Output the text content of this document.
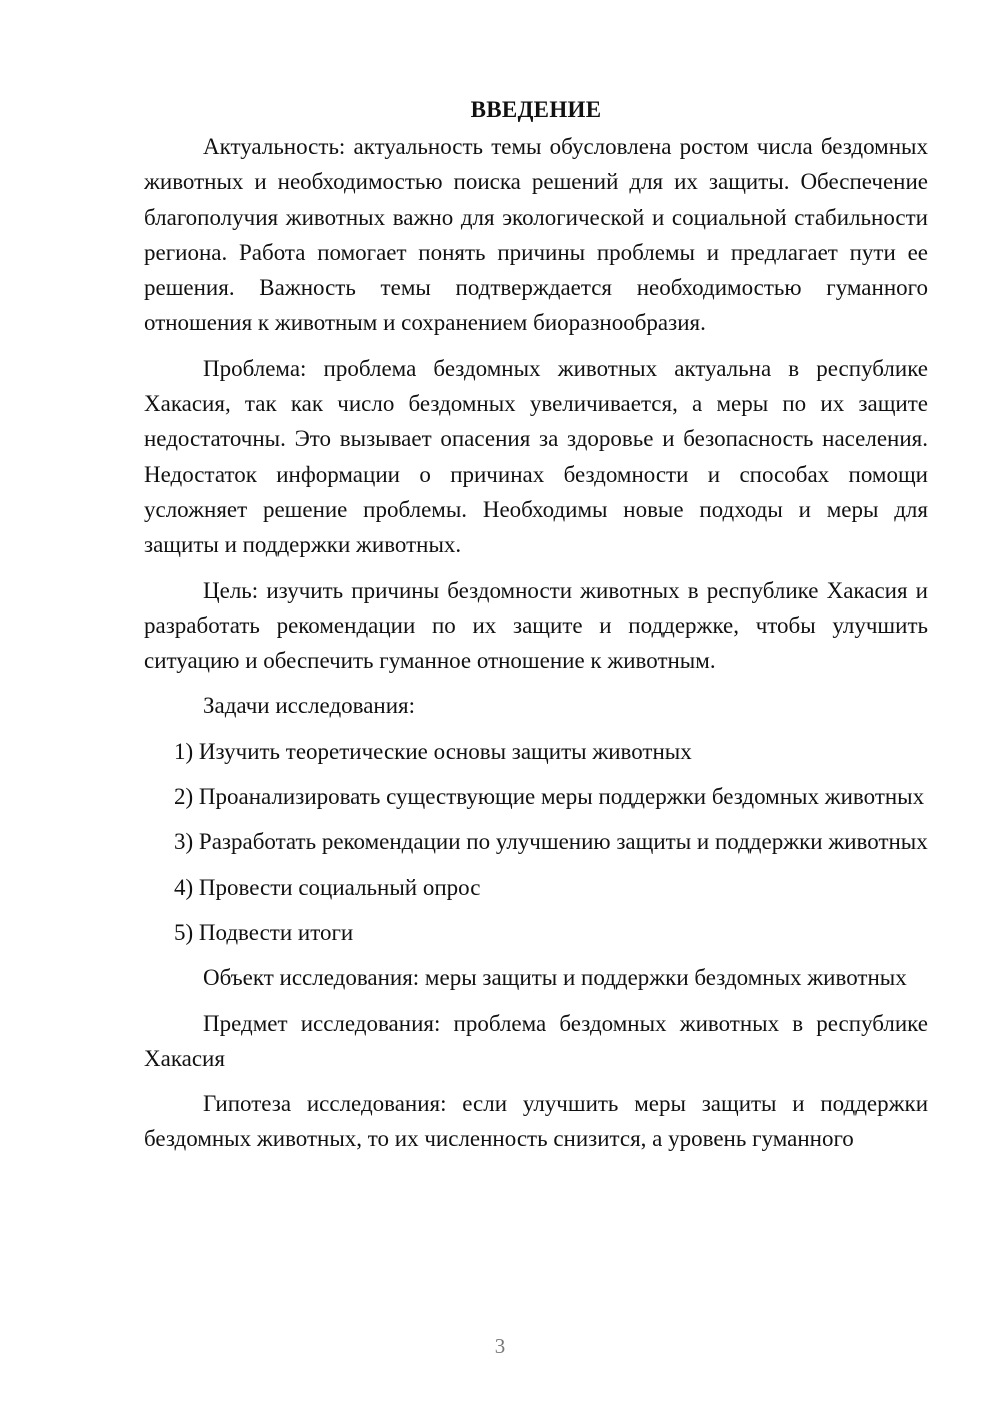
ВВЕДЕНИЕ

Актуальность: актуальность темы обусловлена ростом числа бездомных животных и необходимостью поиска решений для их защиты. Обеспечение благополучия животных важно для экологической и социальной стабильности региона. Работа помогает понять причины проблемы и предлагает пути ее решения. Важность темы подтверждается необходимостью гуманного отношения к животным и сохранением биоразнообразия.

Проблема: проблема бездомных животных актуальна в республике Хакасия, так как число бездомных увеличивается, а меры по их защите недостаточны. Это вызывает опасения за здоровье и безопасность населения. Недостаток информации о причинах бездомности и способах помощи усложняет решение проблемы. Необходимы новые подходы и меры для защиты и поддержки животных.

Цель: изучить причины бездомности животных в республике Хакасия и разработать рекомендации по их защите и поддержке, чтобы улучшить ситуацию и обеспечить гуманное отношение к животным.

Задачи исследования:

1) Изучить теоретические основы защиты животных

2) Проанализировать существующие меры поддержки бездомных животных

3) Разработать рекомендации по улучшению защиты и поддержки животных

4) Провести социальный опрос

5) Подвести итоги

Объект исследования: меры защиты и поддержки бездомных животных

Предмет исследования: проблема бездомных животных в республике Хакасия

Гипотеза исследования: если улучшить меры защиты и поддержки бездомных животных, то их численность снизится, а уровень гуманного

3
